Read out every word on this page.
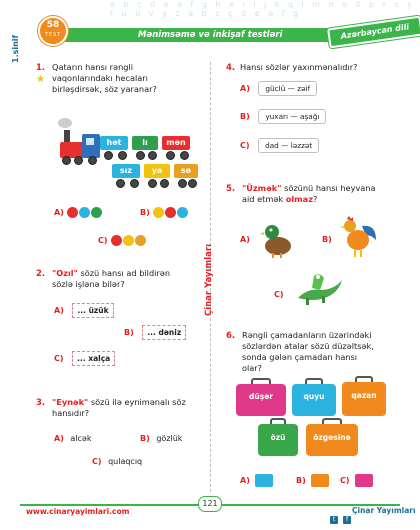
a b ç d e ə f g h x ı i j k q l m n o ö p r s ş t u ü v y z a b c ç d e ə f g
Mənimsəmə və inkişaf testləri	Azərbaycan dili
1.sinif
58
TEST
Çinar Yayımları
1.
★
Qatarın hansı rəngli
vaqonlarındakı hecaları
birləşdirsək, söz yaranar?
hət	lı	mən
sız	ya	sə
A)	B)
C)
2. "Ozıl" sözü hansı ad bildirən
sözlə işlənə bilər?
A) ... üzük
B) ... dəniz
C) ... xalça
3. "Eynək" sözü ilə eynimənalı söz
hansıdır?
A) alcək	B) gözlük
C) qulaqcıq
4. Hansı sözlər yaxınmənalıdır?
A) güclü — zəif
B) yuxarı — aşağı
C) dad — ləzzət
5. "Üzmək" sözünü hansı heyvana
aid etmək olmaz?
A)	B)
C)
6. Rəngli çamadanların üzərindəki
sözlərdən atalar sözü düzəltsək,
sonda gələn çamadan hansı
olar?
düşər	quyu	qazan
özü	özgəsinə
A)	B)	C)
www.cinaryayimlari.com
121
t f
Çinar Yayımları
